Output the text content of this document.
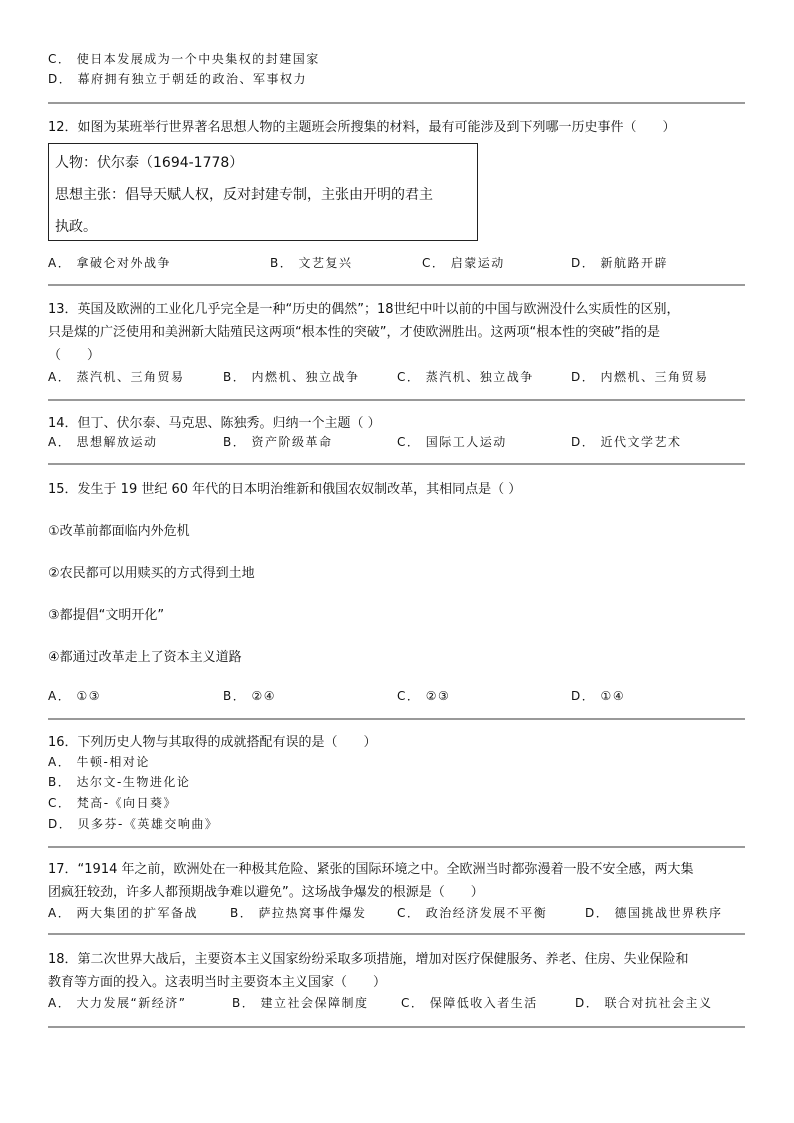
C． 使日本发展成为一个中央集权的封建国家
D． 幕府拥有独立于朝廷的政治、军事权力
12．如图为某班举行世界著名思想人物的主题班会所搜集的材料，最有可能涉及到下列哪一历史事件（　　）
人物：伏尔泰（1694-1778）
思想主张：倡导天赋人权，反对封建专制，主张由开明的君主
执政。
A． 拿破仑对外战争	B． 文艺复兴	C． 启蒙运动	D． 新航路开辟
13．英国及欧洲的工业化几乎完全是一种“历史的偶然”；18世纪中叶以前的中国与欧洲没什么实质性的区别，
只是煤的广泛使用和美洲新大陆殖民这两项“根本性的突破”，才使欧洲胜出。这两项“根本性的突破”指的是
（　　）
A． 蒸汽机、三角贸易	B． 内燃机、独立战争	C． 蒸汽机、独立战争	D． 内燃机、三角贸易
14．但丁、伏尔泰、马克思、陈独秀。归纳一个主题（ ）
A． 思想解放运动	B． 资产阶级革命	C． 国际工人运动	D． 近代文学艺术
15．发生于 19 世纪 60 年代的日本明治维新和俄国农奴制改革，其相同点是（ ）
①改革前都面临内外危机
②农民都可以用赎买的方式得到土地
③都提倡“文明开化”
④都通过改革走上了资本主义道路
A． ①③	B． ②④	C． ②③	D． ①④
16．下列历史人物与其取得的成就搭配有误的是（　　）
A． 牛顿-相对论
B． 达尔文-生物进化论
C． 梵高-《向日葵》
D． 贝多芬-《英雄交响曲》
17．“1914 年之前，欧洲处在一种极其危险、紧张的国际环境之中。全欧洲当时都弥漫着一股不安全感，两大集
团疯狂较劲，许多人都预期战争难以避免”。这场战争爆发的根源是（　　）
A． 两大集团的扩军备战	B． 萨拉热窝事件爆发	C． 政治经济发展不平衡	D． 德国挑战世界秩序
18．第二次世界大战后，主要资本主义国家纷纷采取多项措施，增加对医疗保健服务、养老、住房、失业保险和
教育等方面的投入。这表明当时主要资本主义国家（　　）
A． 大力发展“新经济”	B． 建立社会保障制度	C． 保障低收入者生活	D． 联合对抗社会主义
